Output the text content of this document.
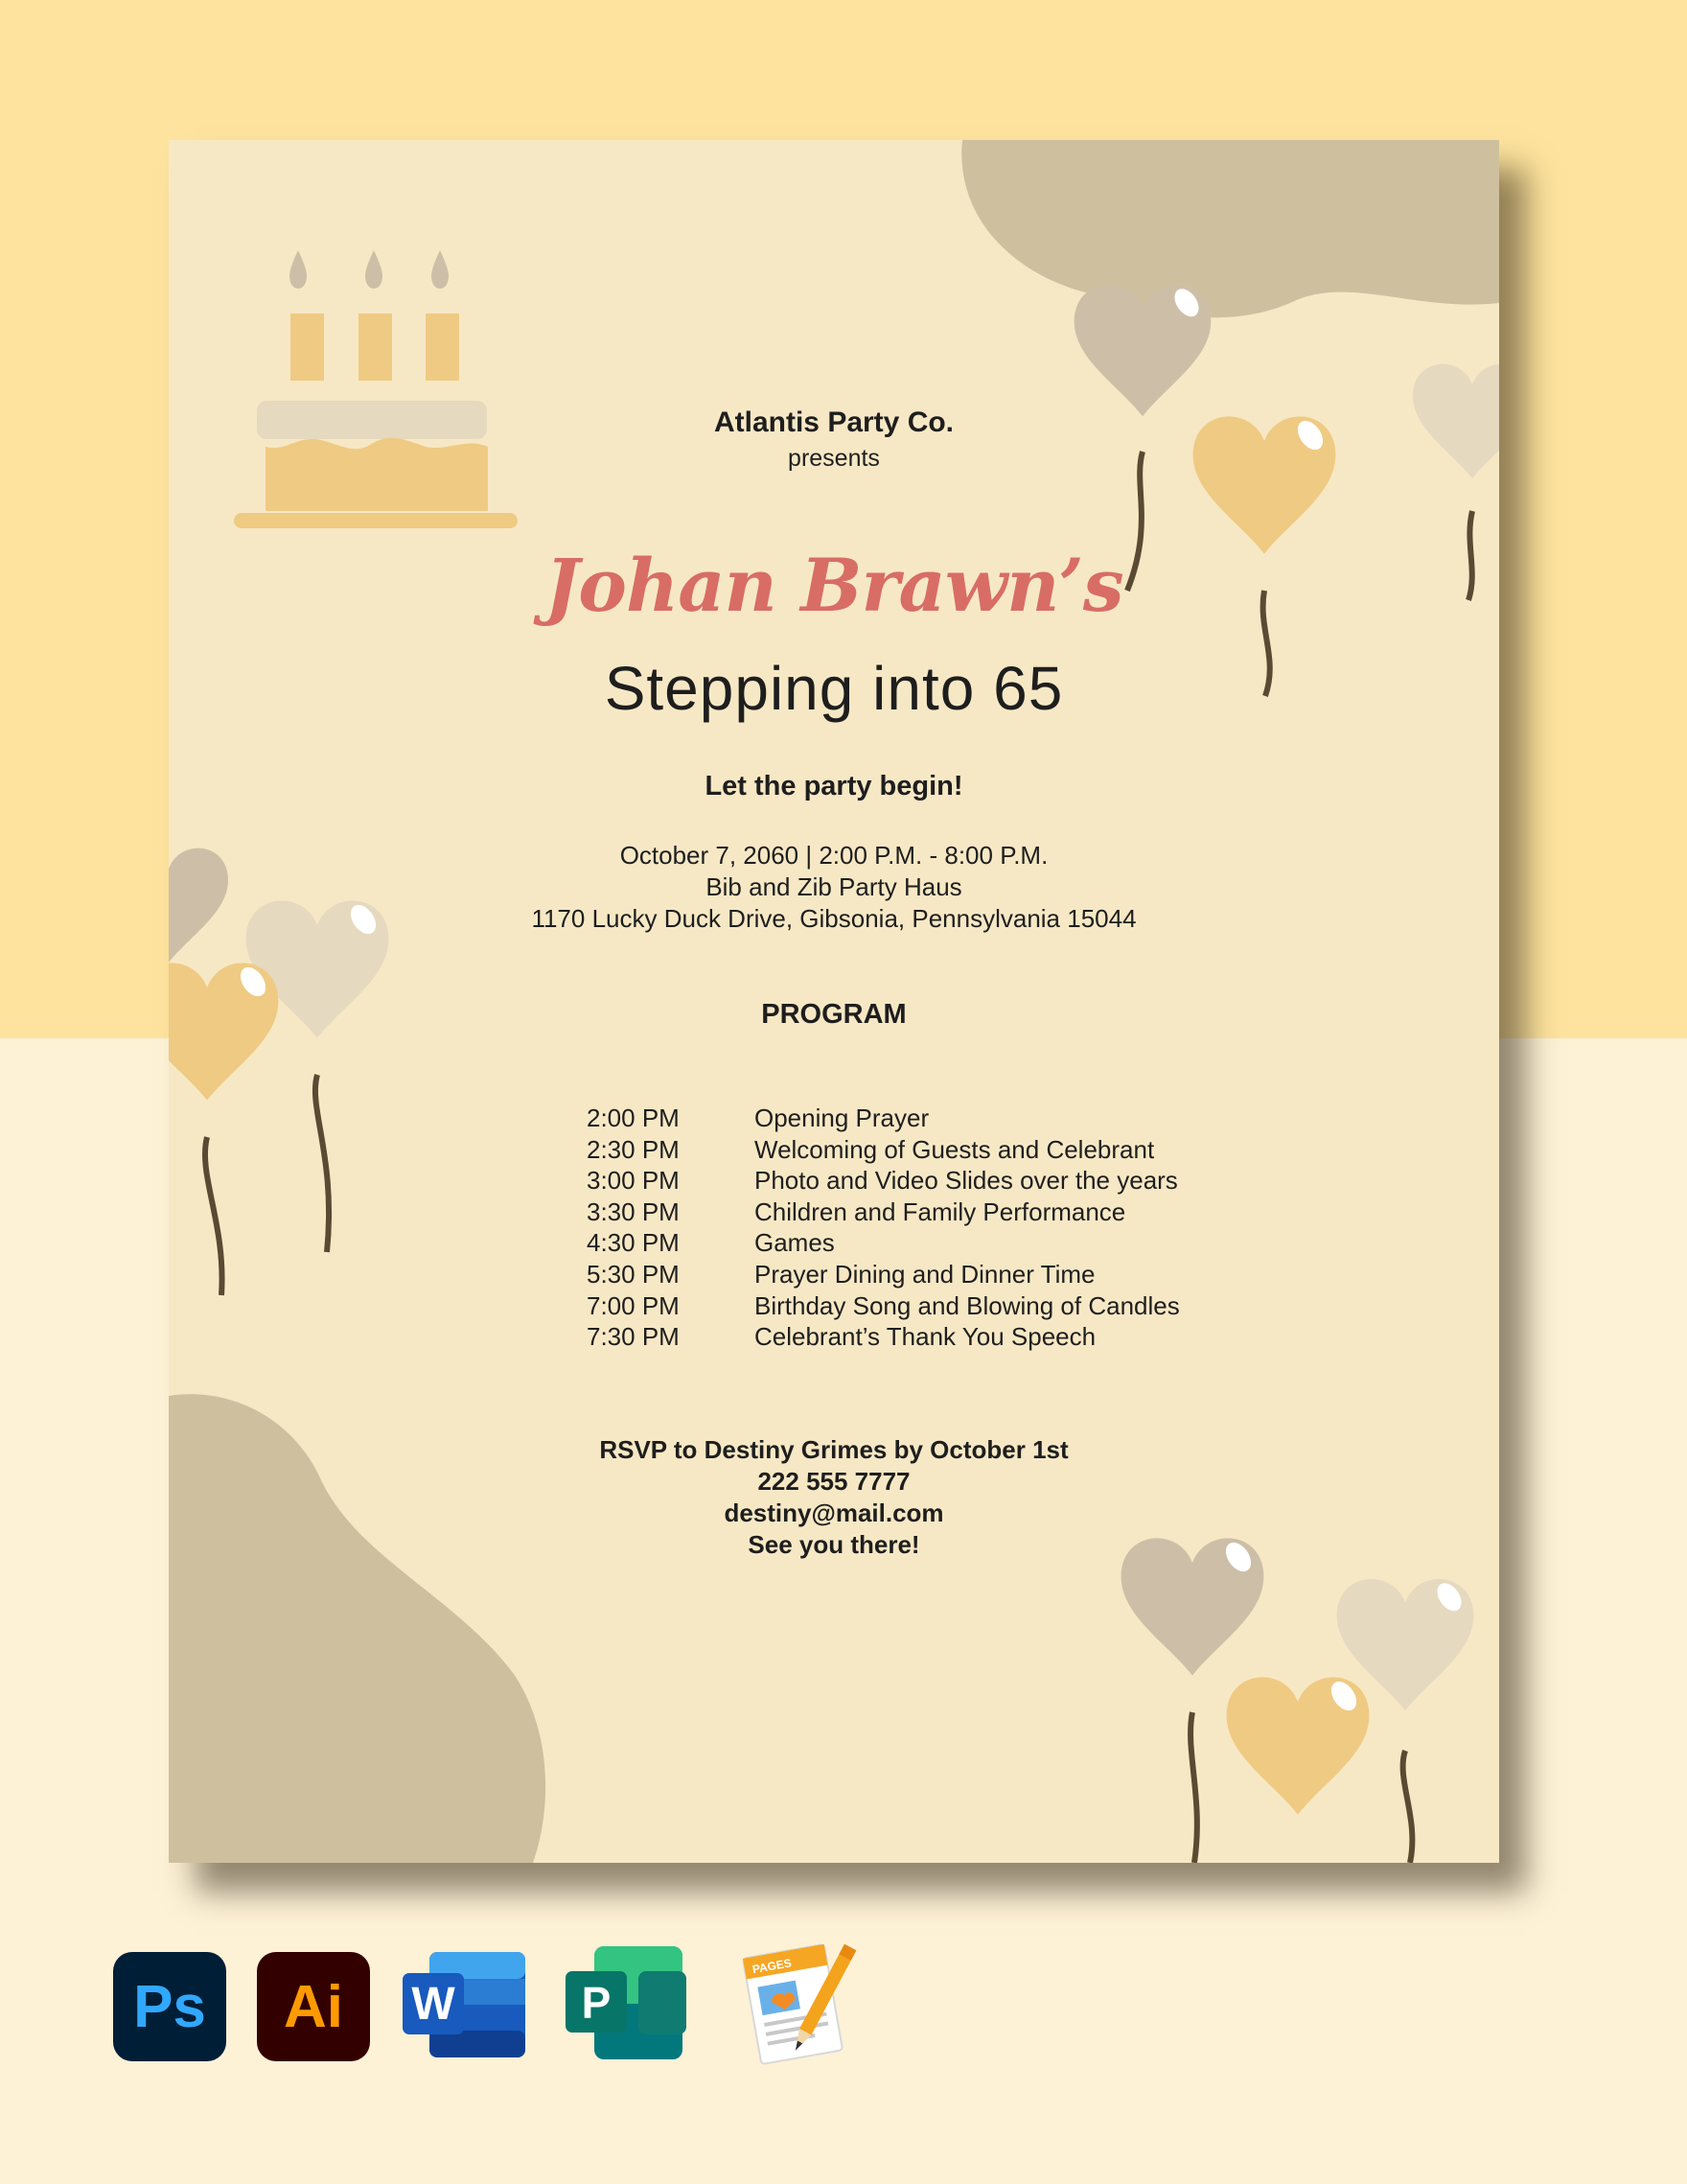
Atlantis Party Co.
presents
Johan Brawn’s
Stepping into 65
Let the party begin!
October 7, 2060 | 2:00 P.M. - 8:00 P.M.
Bib and Zib Party Haus
1170 Lucky Duck Drive, Gibsonia, Pennsylvania 15044
PROGRAM
2:00 PM	Opening Prayer
2:30 PM	Welcoming of Guests and Celebrant
3:00 PM	Photo and Video Slides over the years
3:30 PM	Children and Family Performance
4:30 PM	Games
5:30 PM	Prayer Dining and Dinner Time
7:00 PM	Birthday Song and Blowing of Candles
7:30 PM	Celebrant’s Thank You Speech
RSVP to Destiny Grimes by October 1st
222 555 7777
destiny@mail.com
See you there!
Ps Ai W	P
PAGES
